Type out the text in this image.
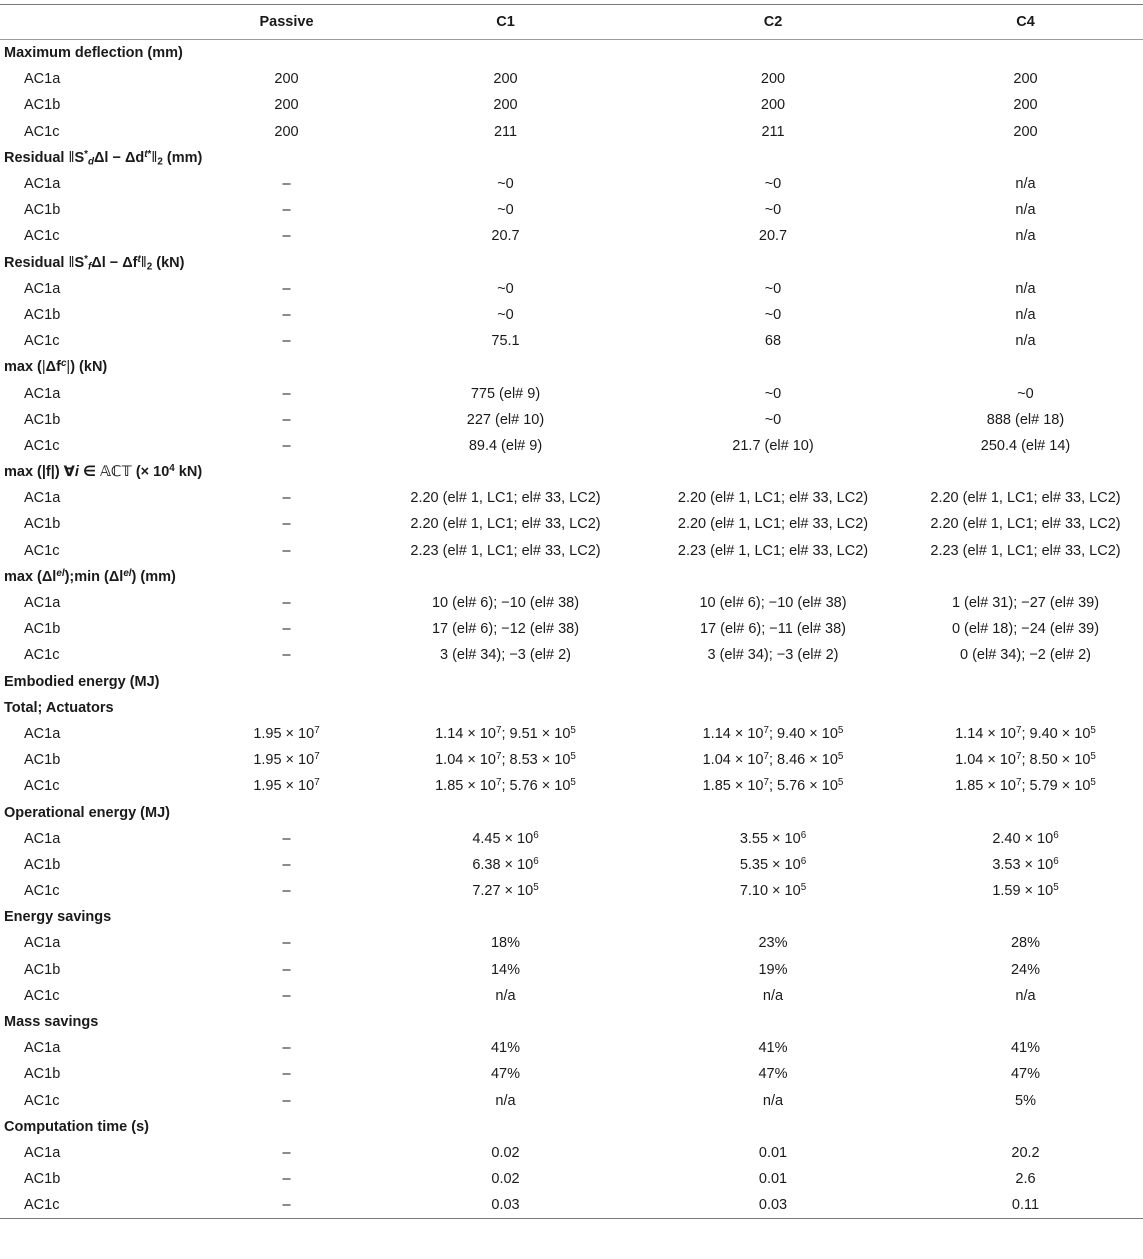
	Passive	C1	C2	C4

Maximum deflection (mm)				
AC1a	200	200	200	200
AC1b	200	200	200	200
AC1c	200	211	211	200
Residual $‖S^*_d\Delta l$ − $\Delta d^{t*}‖_2$ (mm)				
AC1a	–	~0	~0	n/a
AC1b	–	~0	~0	n/a
AC1c	–	20.7	20.7	n/a
Residual $‖S^*_f\Delta l$ − $\Delta f^t‖_2$ (kN)				
AC1a	–	~0	~0	n/a
AC1b	–	~0	~0	n/a
AC1c	–	75.1	68	n/a
$\max (|\Delta f^c|)$ (kN)				
AC1a	–	775 (el# 9)	~0	~0
AC1b	–	227 (el# 10)	~0	888 (el# 18)
AC1c	–	89.4 (el# 9)	21.7 (el# 10)	250.4 (el# 14)
max (|f|) ∀i ∈ 𝔸ℂ𝕋 (× $10^4$ kN)				
AC1a	–	2.20 (el# 1, LC1; el# 33, LC2)	2.20 (el# 1, LC1; el# 33, LC2)	2.20 (el# 1, LC1; el# 33, LC2)
AC1b	–	2.20 (el# 1, LC1; el# 33, LC2)	2.20 (el# 1, LC1; el# 33, LC2)	2.20 (el# 1, LC1; el# 33, LC2)
AC1c	–	2.23 (el# 1, LC1; el# 33, LC2)	2.23 (el# 1, LC1; el# 33, LC2)	2.23 (el# 1, LC1; el# 33, LC2)
$\max (\Delta l^{el});\min$ $(\Delta l^{el})$ (mm)				
AC1a	–	10 (el# 6); −10 (el# 38)	10 (el# 6); −10 (el# 38)	1 (el# 31); −27 (el# 39)
AC1b	–	17 (el# 6); −12 (el# 38)	17 (el# 6); −11 (el# 38)	0 (el# 18); −24 (el# 39)
AC1c	–	3 (el# 34); −3 (el# 2)	3 (el# 34); −3 (el# 2)	0 (el# 34); −2 (el# 2)
Embodied energy (MJ)				
Total; Actuators				
AC1a	$1.95 \times 10^7$	$1.14 \times 10^7$; $9.51 \times 10^5$	$1.14 \times 10^7$; $9.40 \times 10^5$	$1.14 \times 10^7$; $9.40 \times 10^5$
AC1b	$1.95 \times 10^7$	$1.04 \times 10^7$; $8.53 \times 10^5$	$1.04 \times 10^7$; $8.46 \times 10^5$	$1.04 \times 10^7$; $8.50 \times 10^5$
AC1c	$1.95 \times 10^7$	$1.85 \times 10^7$; $5.76 \times 10^5$	$1.85 \times 10^7$; $5.76 \times 10^5$	$1.85 \times 10^7$; $5.79 \times 10^5$
Operational energy (MJ)				
AC1a	–	$4.45 \times 10^6$	$3.55 \times 10^6$	$2.40 \times 10^6$
AC1b	–	$6.38 \times 10^6$	$5.35 \times 10^6$	$3.53 \times 10^6$
AC1c	–	$7.27 \times 10^5$	$7.10 \times 10^5$	$1.59 \times 10^5$
Energy savings				
AC1a	–	18%	23%	28%
AC1b	–	14%	19%	24%
AC1c	–	n/a	n/a	n/a
Mass savings				
AC1a	–	41%	41%	41%
AC1b	–	47%	47%	47%
AC1c	–	n/a	n/a	5%
Computation time (s)				
AC1a	–	0.02	0.01	20.2
AC1b	–	0.02	0.01	2.6
AC1c	–	0.03	0.03	0.11
